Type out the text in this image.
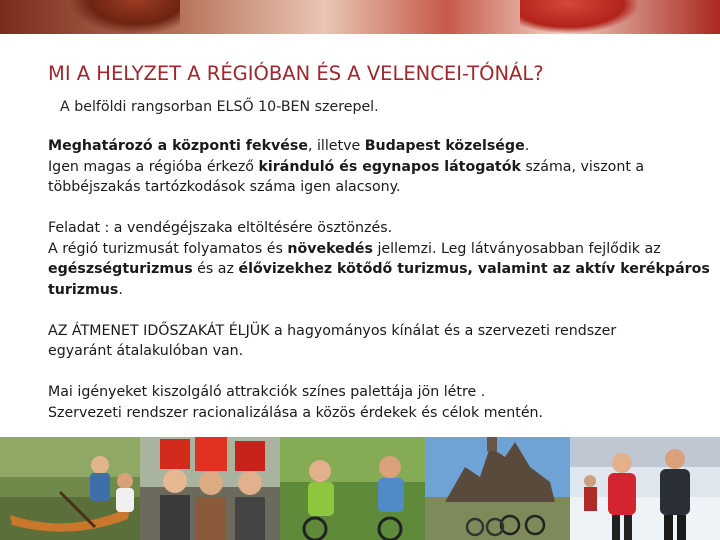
MI A HELYZET A RÉGIÓBAN ÉS A VELENCEI-TÓNÁL?

A belföldi rangsorban ELSŐ 10-BEN szerepel.

Meghatározó a központi fekvése, illetve Budapest közelsége.
Igen magas a régióba érkező kiránduló és egynapos látogatók száma, viszont a
többéjszakás tartózkodások száma igen alacsony.

Feladat : a vendégéjszaka eltöltésére ösztönzés.
A régió turizmusát folyamatos és növekedés jellemzi. Leg látványosabban fejlődik az
egészségturizmus és az élővizekhez kötődő turizmus, valamint az aktív kerékpáros
turizmus.

AZ ÁTMENET IDŐSZAKÁT ÉLJÜK a hagyományos kínálat és a szervezeti rendszer
egyaránt átalakulóban van.

Mai igényeket kiszolgáló attrakciók színes palettája jön létre .
Szervezeti rendszer racionalizálása a közös érdekek és célok mentén.
